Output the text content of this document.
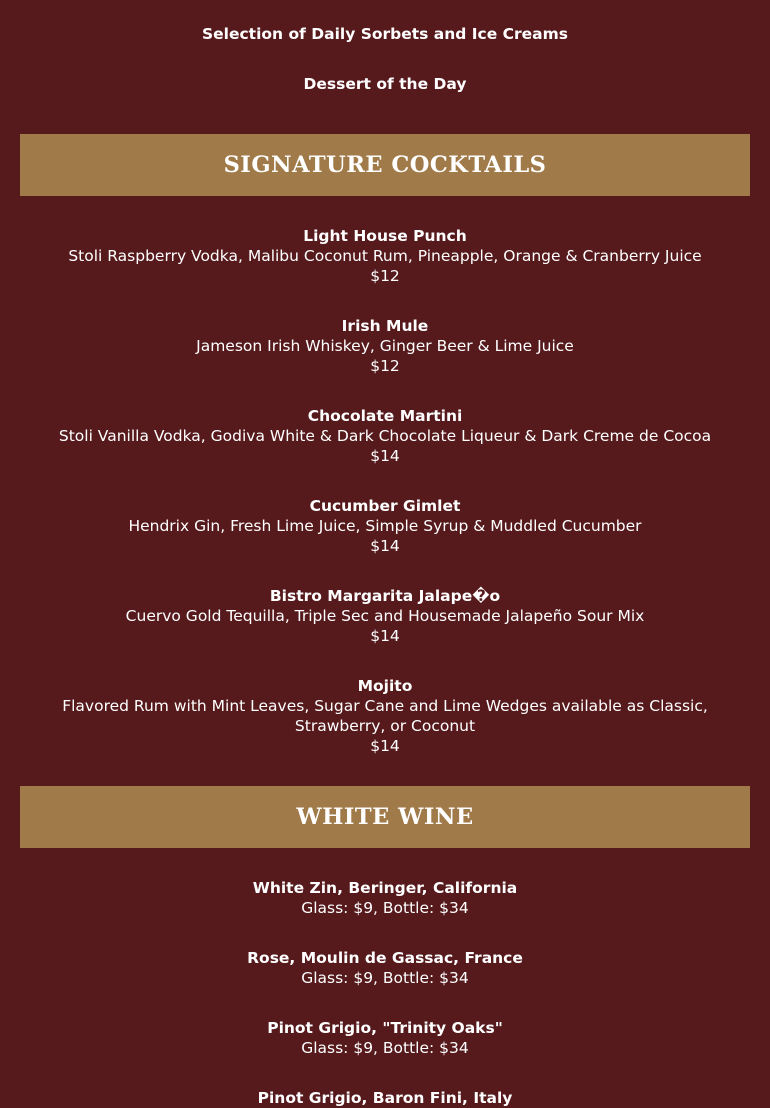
Selection of Daily Sorbets and Ice Creams
Dessert of the Day
SIGNATURE COCKTAILS
Light House Punch
Stoli Raspberry Vodka, Malibu Coconut Rum, Pineapple, Orange & Cranberry Juice
$12
Irish Mule
Jameson Irish Whiskey, Ginger Beer & Lime Juice
$12
Chocolate Martini
Stoli Vanilla Vodka, Godiva White & Dark Chocolate Liqueur & Dark Creme de Cocoa
$14
Cucumber Gimlet
Hendrix Gin, Fresh Lime Juice, Simple Syrup & Muddled Cucumber
$14
Bistro Margarita Jalape�o
Cuervo Gold Tequilla, Triple Sec and Housemade Jalapeño Sour Mix
$14
Mojito
Flavored Rum with Mint Leaves, Sugar Cane and Lime Wedges available as Classic, Strawberry, or Coconut
$14
WHITE WINE
White Zin, Beringer, California
Glass: $9, Bottle: $34
Rose, Moulin de Gassac, France
Glass: $9, Bottle: $34
Pinot Grigio, "Trinity Oaks"
Glass: $9, Bottle: $34
Pinot Grigio, Baron Fini, Italy
